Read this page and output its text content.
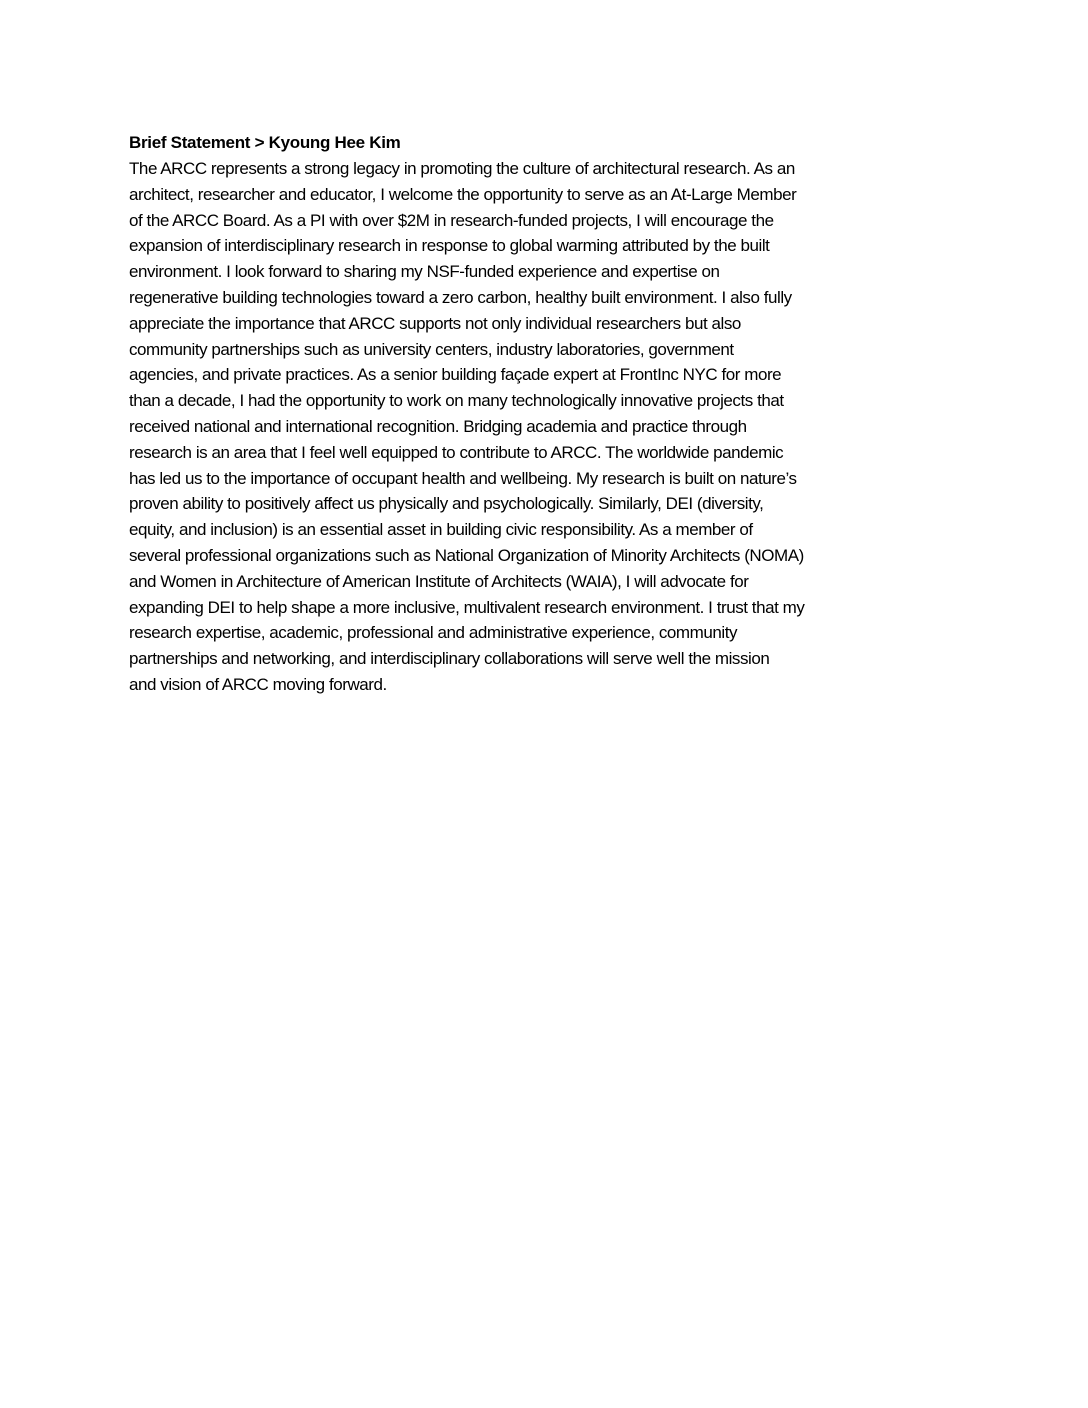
Brief Statement > Kyoung Hee Kim

The ARCC represents a strong legacy in promoting the culture of architectural research. As an
architect, researcher and educator, I welcome the opportunity to serve as an At-Large Member
of the ARCC Board. As a PI with over $2M in research-funded projects, I will encourage the
expansion of interdisciplinary research in response to global warming attributed by the built
environment. I look forward to sharing my NSF-funded experience and expertise on
regenerative building technologies toward a zero carbon, healthy built environment. I also fully
appreciate the importance that ARCC supports not only individual researchers but also
community partnerships such as university centers, industry laboratories, government
agencies, and private practices. As a senior building façade expert at FrontInc NYC for more
than a decade, I had the opportunity to work on many technologically innovative projects that
received national and international recognition. Bridging academia and practice through
research is an area that I feel well equipped to contribute to ARCC. The worldwide pandemic
has led us to the importance of occupant health and wellbeing. My research is built on nature’s
proven ability to positively affect us physically and psychologically. Similarly, DEI (diversity,
equity, and inclusion) is an essential asset in building civic responsibility. As a member of
several professional organizations such as National Organization of Minority Architects (NOMA)
and Women in Architecture of American Institute of Architects (WAIA), I will advocate for
expanding DEI to help shape a more inclusive, multivalent research environment. I trust that my
research expertise, academic, professional and administrative experience, community
partnerships and networking, and interdisciplinary collaborations will serve well the mission
and vision of ARCC moving forward.
